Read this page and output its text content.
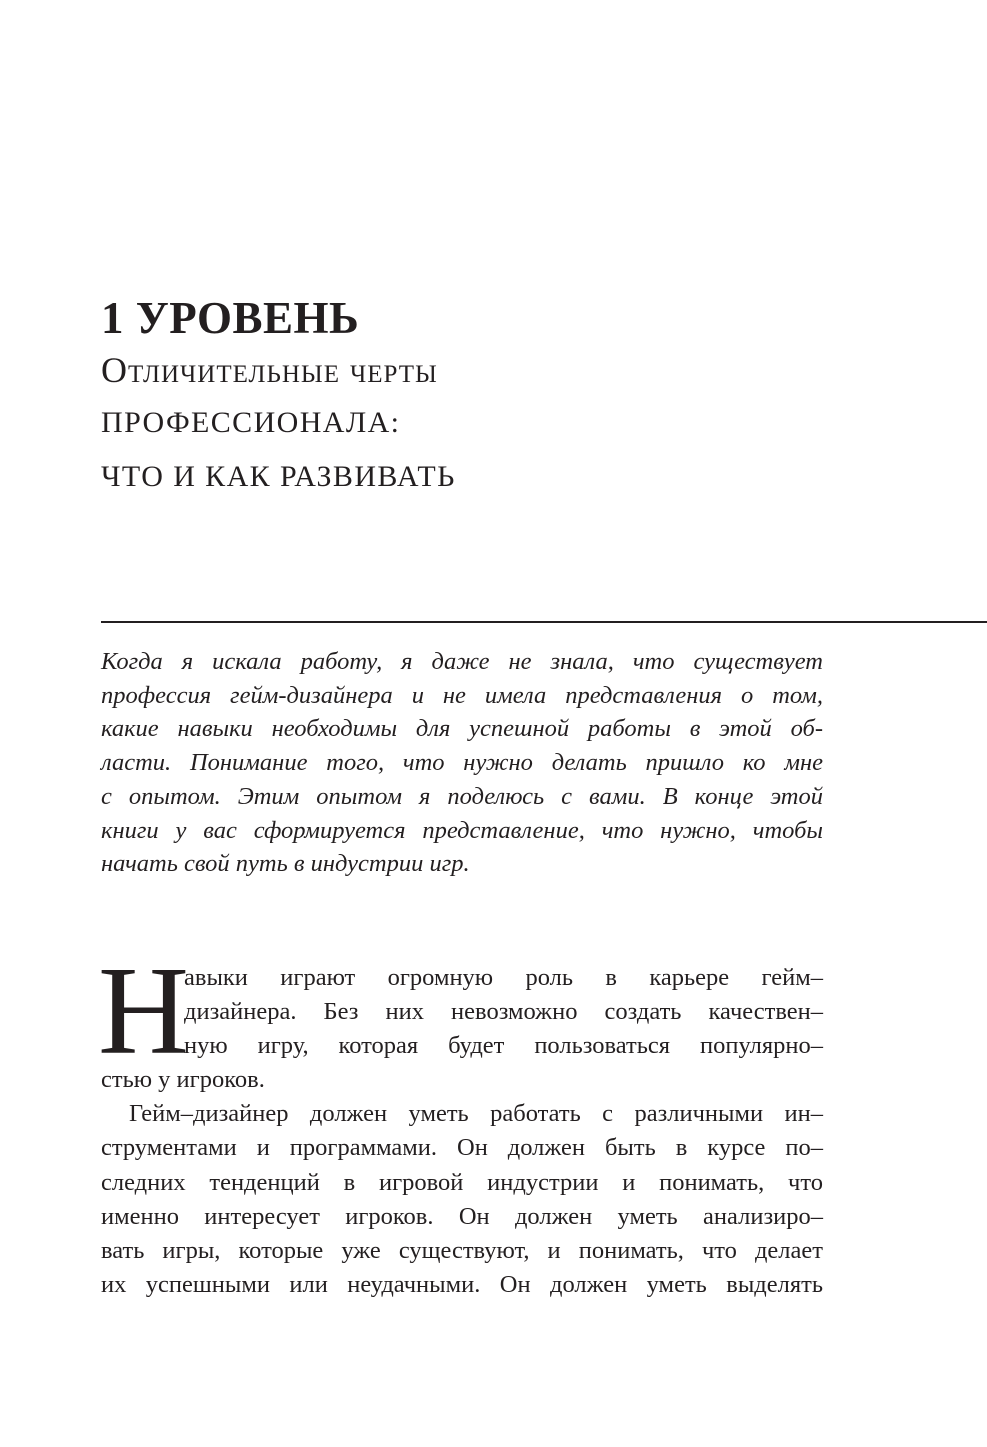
1 УРОВЕНЬ
Отличительные черты
ПРОФЕССИОНАЛА:
ЧТО И КАК РАЗВИВАТЬ

Когда я искала работу, я даже не знала, что существует
профессия гейм-дизайнера и не имела представления о том,
какие навыки необходимы для успешной работы в этой об-
ласти. Понимание того, что нужно делать пришло ко мне
с опытом. Этим опытом я поделюсь с вами. В конце этой
книги у вас сформируется представление, что нужно, чтобы
начать свой путь в индустрии игр.

Н
авыки играют огромную роль в карьере гейм–
дизайнера. Без них невозможно создать качествен–
ную игру, которая будет пользоваться популярно–
стью у игроков.
Гейм–дизайнер должен уметь работать с различными ин–
струментами и программами. Он должен быть в курсе по–
следних тенденций в игровой индустрии и понимать, что
именно интересует игроков. Он должен уметь анализиро–
вать игры, которые уже существуют, и понимать, что делает
их успешными или неудачными. Он должен уметь выделять
